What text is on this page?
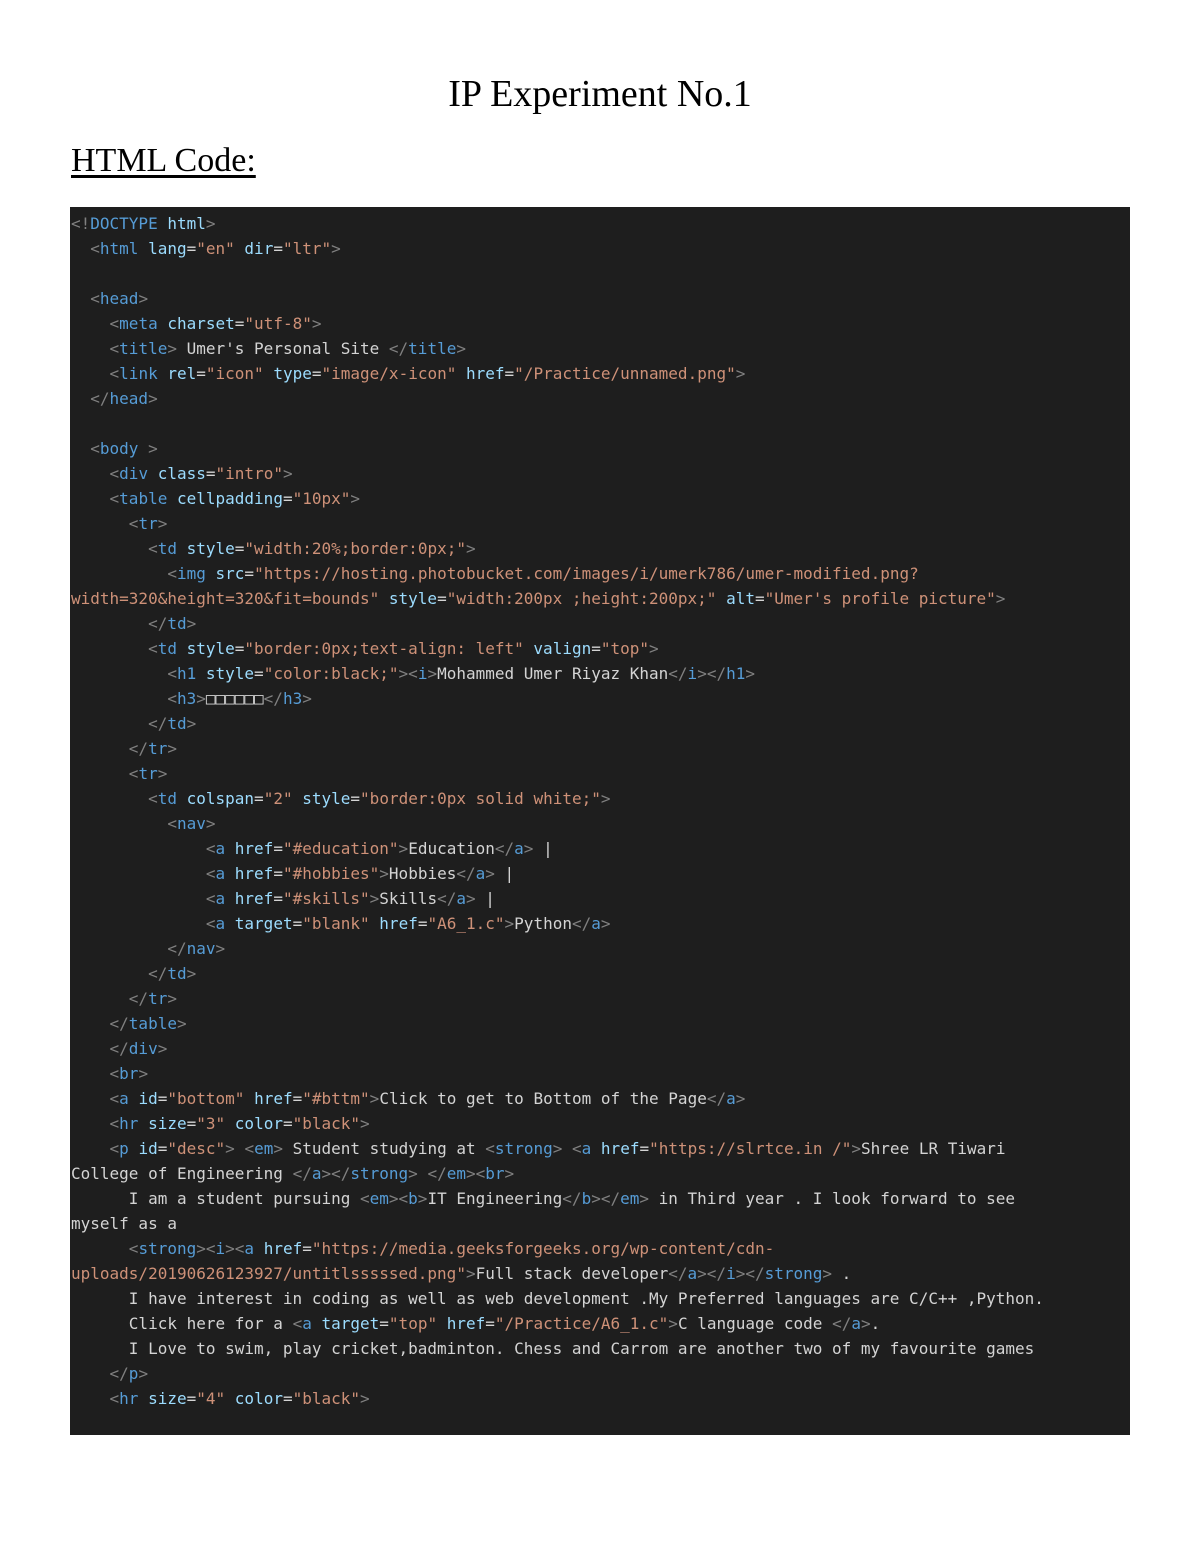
IP Experiment No.1
HTML Code:
<!DOCTYPE html>
<html lang="en" dir="ltr">

<head>
<meta charset="utf-8">
<title> Umer's Personal Site </title>
<link rel="icon" type="image/x-icon" href="/Practice/unnamed.png">
</head>

<body >
<div class="intro">
<table cellpadding="10px">
<tr>
<td style="width:20%;border:0px;">
<img src="https://hosting.photobucket.com/images/i/umerk786/umer-modified.png?
width=320&height=320&fit=bounds" style="width:200px ;height:200px;" alt="Umer's profile picture">
</td>
<td style="border:0px;text-align: left" valign="top">
<h1 style="color:black;"><i>Mohammed Umer Riyaz Khan</i></h1>
<h3>□□□□□□</h3>
</td>
</tr>
<tr>
<td colspan="2" style="border:0px solid white;">
<nav>
<a href="#education">Education</a> |
<a href="#hobbies">Hobbies</a> |
<a href="#skills">Skills</a> |
<a target="blank" href="A6_1.c">Python</a>
</nav>
</td>
</tr>
</table>
</div>
<br>
<a id="bottom" href="#bttm">Click to get to Bottom of the Page</a>
<hr size="3" color="black">
<p id="desc"> <em> Student studying at <strong> <a href="https://slrtce.in /">Shree LR Tiwari
College of Engineering </a></strong> </em><br>
I am a student pursuing <em><b>IT Engineering</b></em> in Third year . I look forward to see
myself as a
<strong><i><a href="https://media.geeksforgeeks.org/wp-content/cdn-
uploads/20190626123927/untitlsssssed.png">Full stack developer</a></i></strong> .
I have interest in coding as well as web development .My Preferred languages are C/C++ ,Python.
Click here for a <a target="top" href="/Practice/A6_1.c">C language code </a>.
I Love to swim, play cricket,badminton. Chess and Carrom are another two of my favourite games
</p>
<hr size="4" color="black">
